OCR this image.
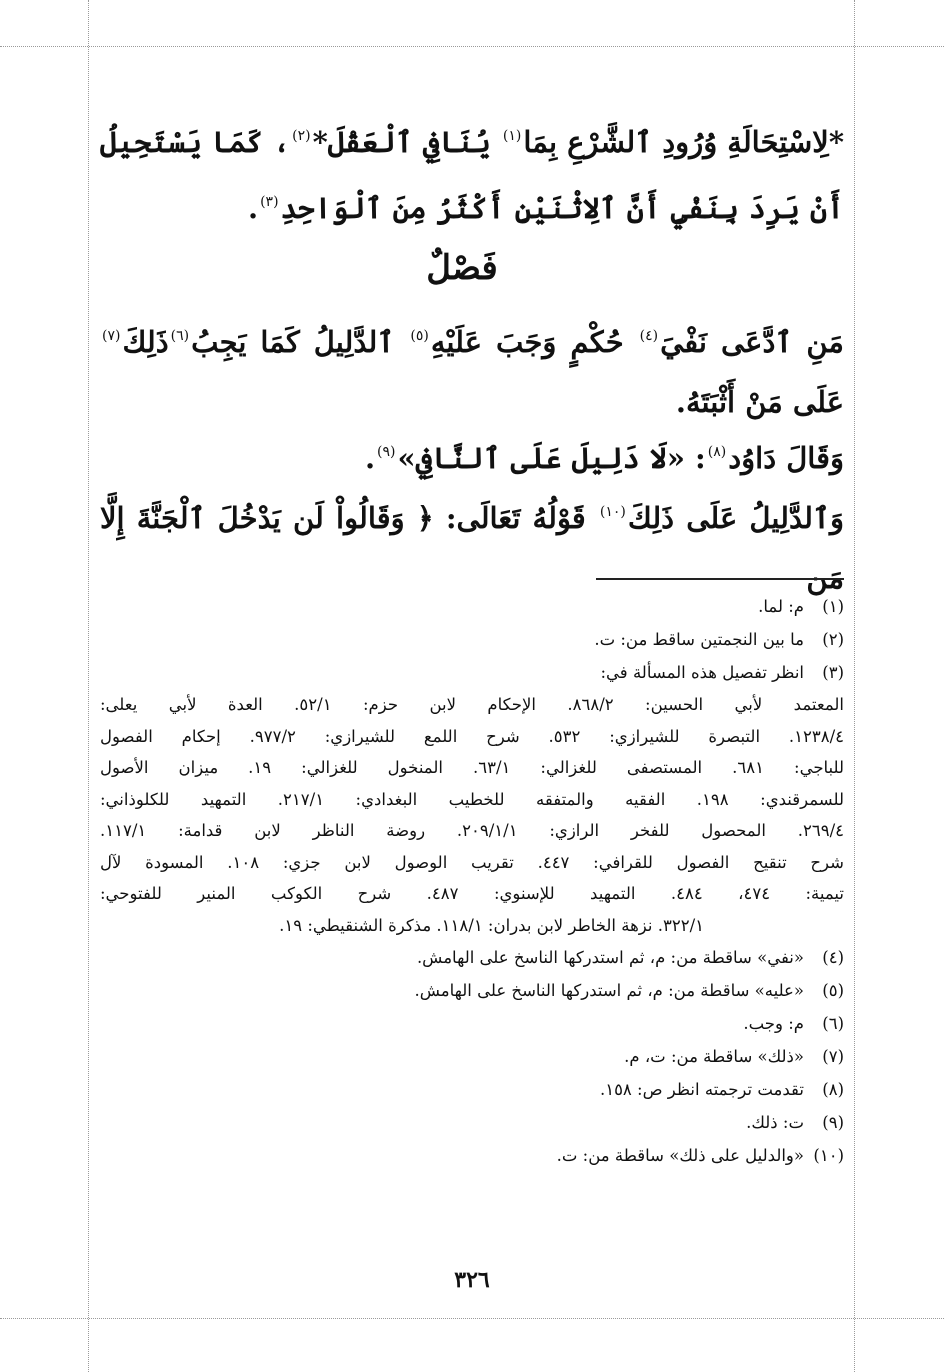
*لِاسْتِحَالَةِ وُرُودِ ٱلشَّرْعِ بِمَا$^{(١)}$ يُنَافِي ٱلْعَقْلَ*$^{(٢)}$، كَمَا يَسْتَحِيلُ أَنْ يَرِدَ بِنَفْيِ أَنَّ ٱلِاثْنَيْنِ أَكْثَرُ مِنَ ٱلْوَاحِدِ$^{(٣)}$.
فَصْلٌ
مَنِ ٱدَّعَى نَفْيَ$^{(٤)}$ حُكْمٍ وَجَبَ عَلَيْهِ$^{(٥)}$ ٱلدَّلِيلُ كَمَا يَجِبُ$^{(٦)}$ذَلِكَ$^{(٧)}$ عَلَى مَنْ أَثْبَتَهُ.
وَقَالَ دَاوُد$^{(٨)}$: «لَا دَلِيلَ عَلَى ٱلنَّافِي»$^{(٩)}$.
وَٱلدَّلِيلُ عَلَى ذَلِكَ$^{(١٠)}$ قَوْلُهُ تَعَالَى: ﴿ وَقَالُواْ لَن يَدْخُلَ ٱلْجَنَّةَ إِلَّا مَن
(١)
م: لما.
(٢)
ما بين النجمتين ساقط من: ت.
(٣)
انظر تفصيل هذه المسألة في:
المعتمد لأبي الحسين: ٨٦٨/٢. الإحكام لابن حزم: ٥٢/١. العدة لأبي يعلى:
١٢٣٨/٤. التبصرة للشيرازي: ٥٣٢. شرح اللمع للشيرازي: ٩٧٧/٢. إحكام الفصول
للباجي: ٦٨١. المستصفى للغزالي: ٦٣/١. المنخول للغزالي: ١٩. ميزان الأصول
للسمرقندي: ١٩٨. الفقيه والمتفقه للخطيب البغدادي: ٢١٧/١. التمهيد للكلوذاني:
٢٦٩/٤. المحصول للفخر الرازي: ٢٠٩/١/١. روضة الناظر لابن قدامة: ١١٧/١.
شرح تنقيح الفصول للقرافي: ٤٤٧. تقريب الوصول لابن جزي: ١٠٨. المسودة لآل
تيمية: ٤٧٤، ٤٨٤. التمهيد للإسنوي: ٤٨٧. شرح الكوكب المنير للفتوحي:
٣٢٢/١. نزهة الخاطر لابن بدران: ١١٨/١. مذكرة الشنقيطي: ١٩.
(٤)
«نفي» ساقطة من: م، ثم استدركها الناسخ على الهامش.
(٥)
«عليه» ساقطة من: م، ثم استدركها الناسخ على الهامش.
(٦)
م: وجب.
(٧)
«ذلك» ساقطة من: ت، م.
(٨)
تقدمت ترجمته انظر ص: ١٥٨.
(٩)
ت: ذلك.
(١٠)
«والدليل على ذلك» ساقطة من: ت.
٣٢٦
